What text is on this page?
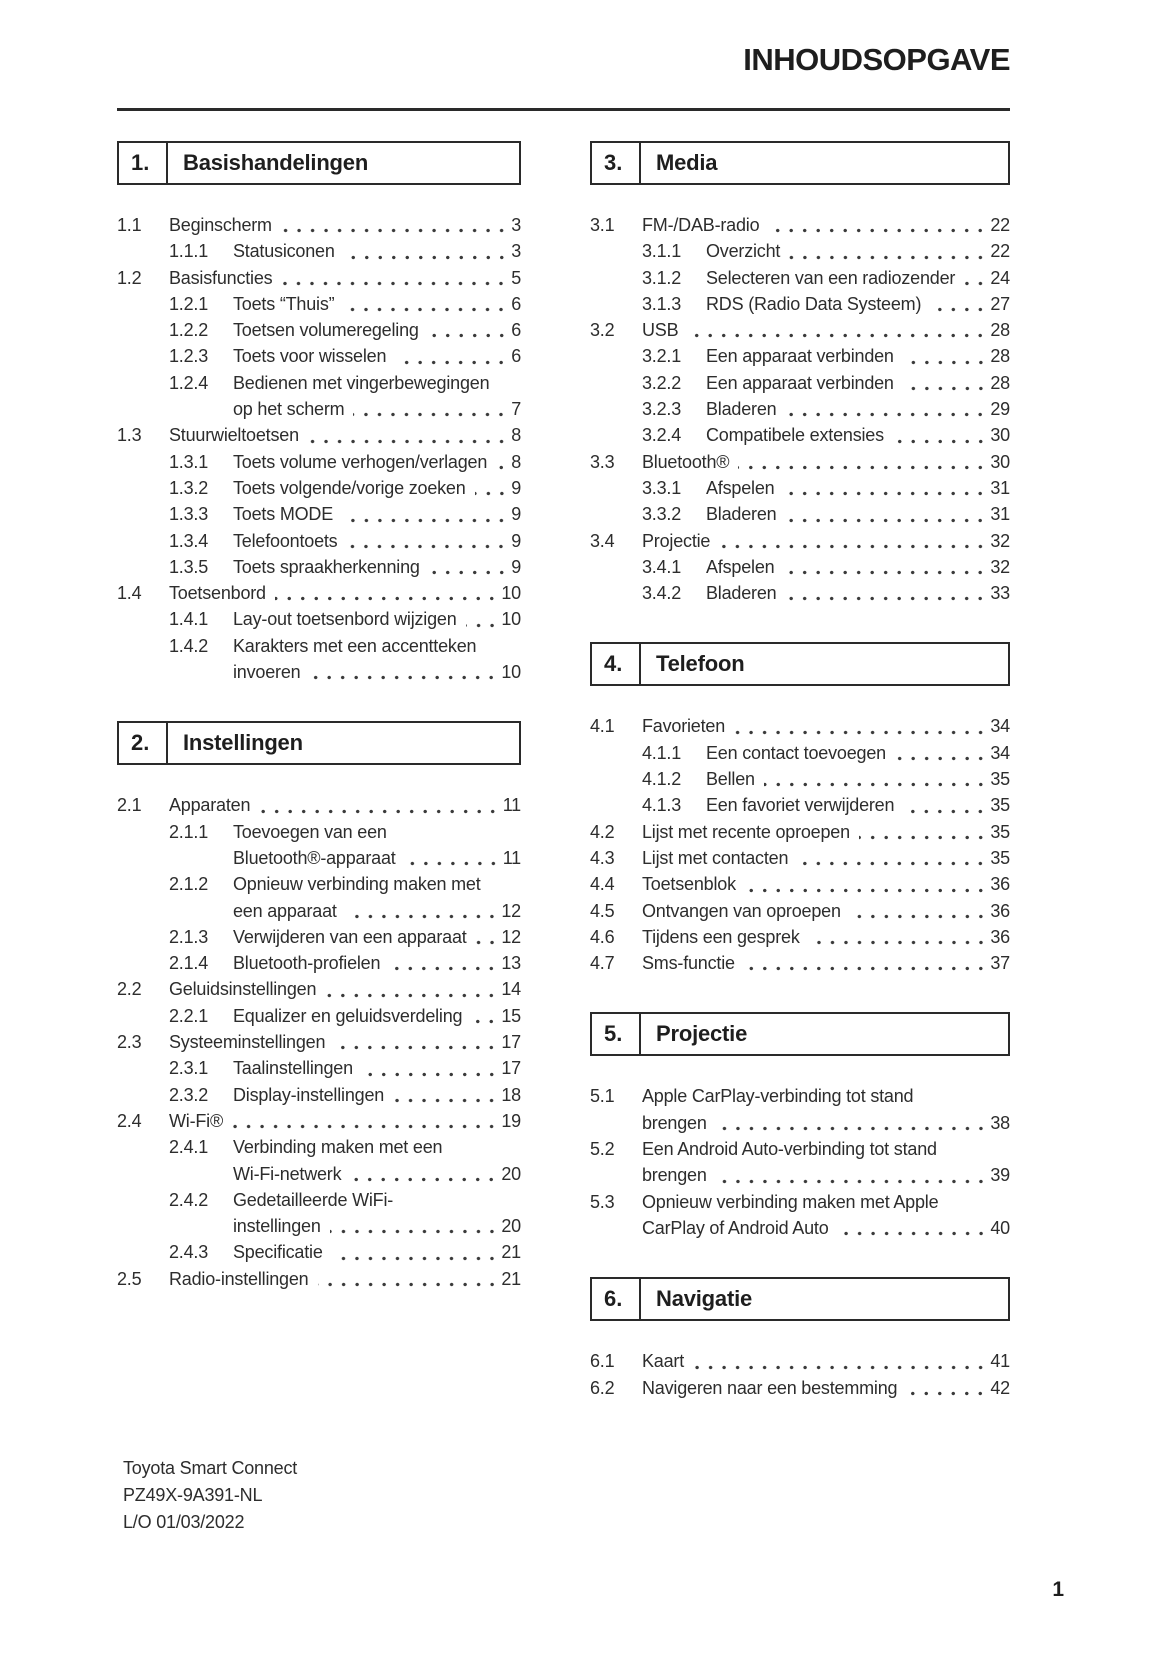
INHOUDSOPGAVE
1.	Basishandelingen
1.1	Beginscherm	3
1.1.1	Statusiconen	3
1.2	Basisfuncties	5
1.2.1	Toets “Thuis”	6
1.2.2	Toetsen volumeregeling	6
1.2.3	Toets voor wisselen	6
1.2.4	Bedienen met vingerbewegingen
op het scherm	7
1.3	Stuurwieltoetsen	8
1.3.1	Toets volume verhogen/verlagen 8
1.3.2	Toets volgende/vorige zoeken	9
1.3.3	Toets MODE	9
1.3.4	Telefoontoets	9
1.3.5	Toets spraakherkenning	9
1.4	Toetsenbord	10
1.4.1	Lay-out toetsenbord wijzigen 10
1.4.2	Karakters met een accentteken
invoeren	10
2.	Instellingen
2.1	Apparaten	11
2.1.1	Toevoegen van een
Bluetooth®-apparaat	11
2.1.2	Opnieuw verbinding maken met
een apparaat	12
2.1.3	Verwijderen van een apparaat 12
2.1.4	Bluetooth-profielen	13
2.2	Geluidsinstellingen	14
2.2.1	Equalizer en geluidsverdeling 15
2.3	Systeeminstellingen	17
2.3.1	Taalinstellingen	17
2.3.2	Display-instellingen	18
2.4	Wi-Fi®	19
2.4.1	Verbinding maken met een
Wi-Fi-netwerk	20
2.4.2	Gedetailleerde WiFi-
instellingen	20
2.4.3	Specificatie	21
2.5	Radio-instellingen	21
3.	Media
3.1	FM-/DAB-radio	22
3.1.1	Overzicht	22
3.1.2	Selecteren van een radiozender 24
3.1.3	RDS (Radio Data Systeem)	27
3.2	USB	28
3.2.1	Een apparaat verbinden	28
3.2.2	Een apparaat verbinden	28
3.2.3	Bladeren	29
3.2.4	Compatibele extensies	30
3.3	Bluetooth®	30
3.3.1	Afspelen	31
3.3.2	Bladeren	31
3.4	Projectie	32
3.4.1	Afspelen	32
3.4.2	Bladeren	33
4.	Telefoon
4.1	Favorieten	34
4.1.1	Een contact toevoegen	34
4.1.2	Bellen	35
4.1.3	Een favoriet verwijderen	35
4.2	Lijst met recente oproepen	35
4.3	Lijst met contacten	35
4.4	Toetsenblok	36
4.5	Ontvangen van oproepen	36
4.6	Tijdens een gesprek	36
4.7	Sms-functie	37
5.	Projectie
5.1	Apple CarPlay-verbinding tot stand
brengen	38
5.2	Een Android Auto-verbinding tot stand
brengen	39
5.3	Opnieuw verbinding maken met Apple
CarPlay of Android Auto	40
6.	Navigatie
6.1	Kaart	41
6.2	Navigeren naar een bestemming	42
Toyota Smart Connect
PZ49X-9A391-NL
L/O 01/03/2022
1
